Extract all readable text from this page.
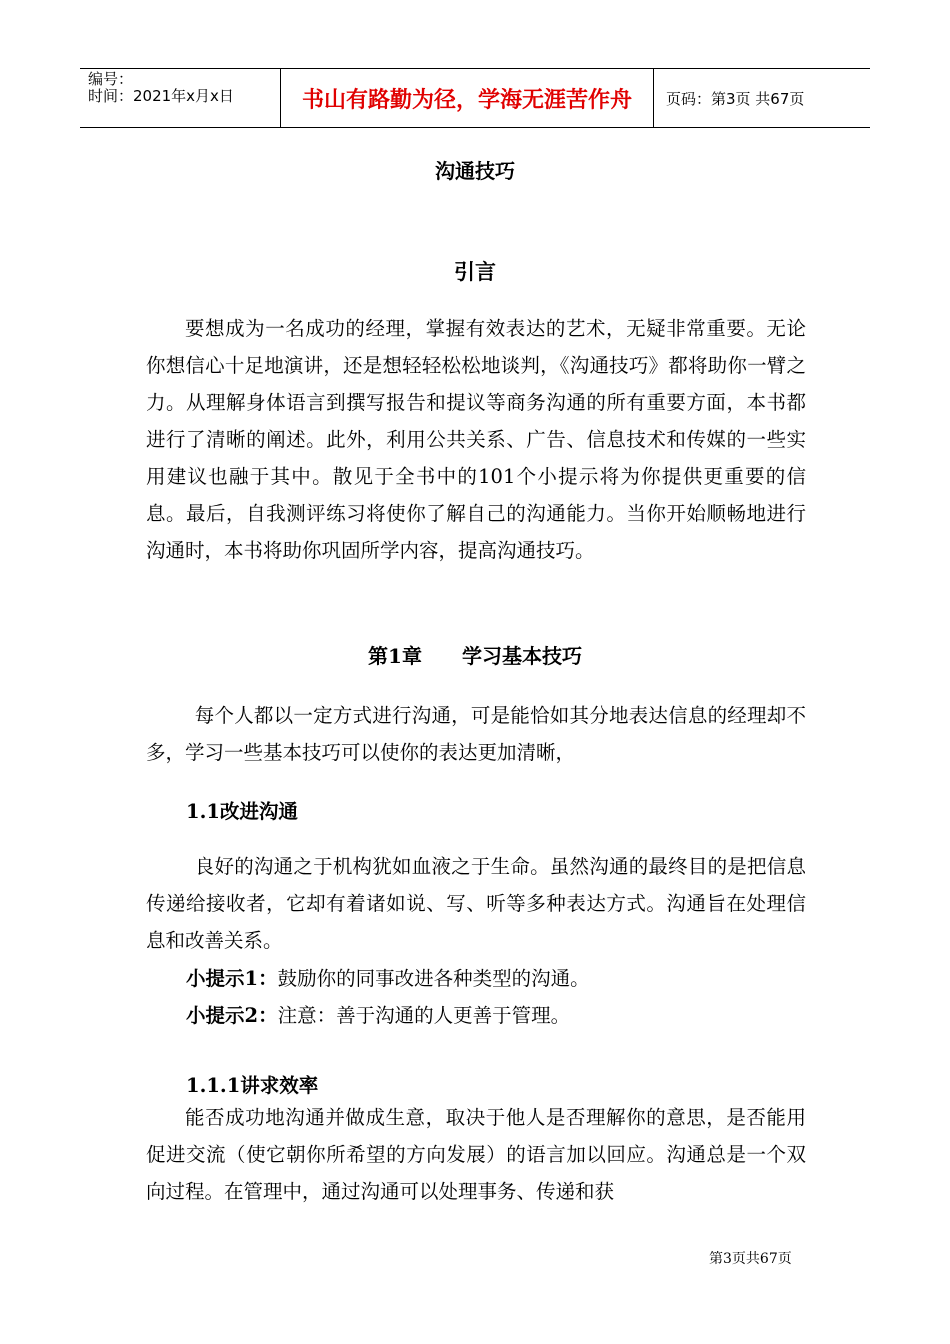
编号：
时间：2021年x月x日	书山有路勤为径，学海无涯苦作舟	页码：第3页 共67页
沟通技巧
引言

要想成为一名成功的经理，掌握有效表达的艺术，无疑非常重要。无论你想信心十足地演讲，还是想轻轻松松地谈判，《沟通技巧》都将助你一臂之力。从理解身体语言到撰写报告和提议等商务沟通的所有重要方面，本书都进行了清晰的阐述。此外，利用公共关系、广告、信息技术和传媒的一些实用建议也融于其中。散见于全书中的101个小提示将为你提供更重要的信息。最后，自我测评练习将使你了解自己的沟通能力。当你开始顺畅地进行沟通时，本书将助你巩固所学内容，提高沟通技巧。

第1章　　学习基本技巧

每个人都以一定方式进行沟通，可是能恰如其分地表达信息的经理却不多，学习一些基本技巧可以使你的表达更加清晰，

1.1改进沟通

良好的沟通之于机构犹如血液之于生命。虽然沟通的最终目的是把信息传递给接收者，它却有着诸如说、写、听等多种表达方式。沟通旨在处理信息和改善关系。

小提示1：鼓励你的同事改进各种类型的沟通。
小提示2：注意：善于沟通的人更善于管理。
1.1.1讲求效率

能否成功地沟通并做成生意，取决于他人是否理解你的意思，是否能用促进交流（使它朝你所希望的方向发展）的语言加以回应。沟通总是一个双向过程。在管理中，通过沟通可以处理事务、传递和获

第3页共67页
